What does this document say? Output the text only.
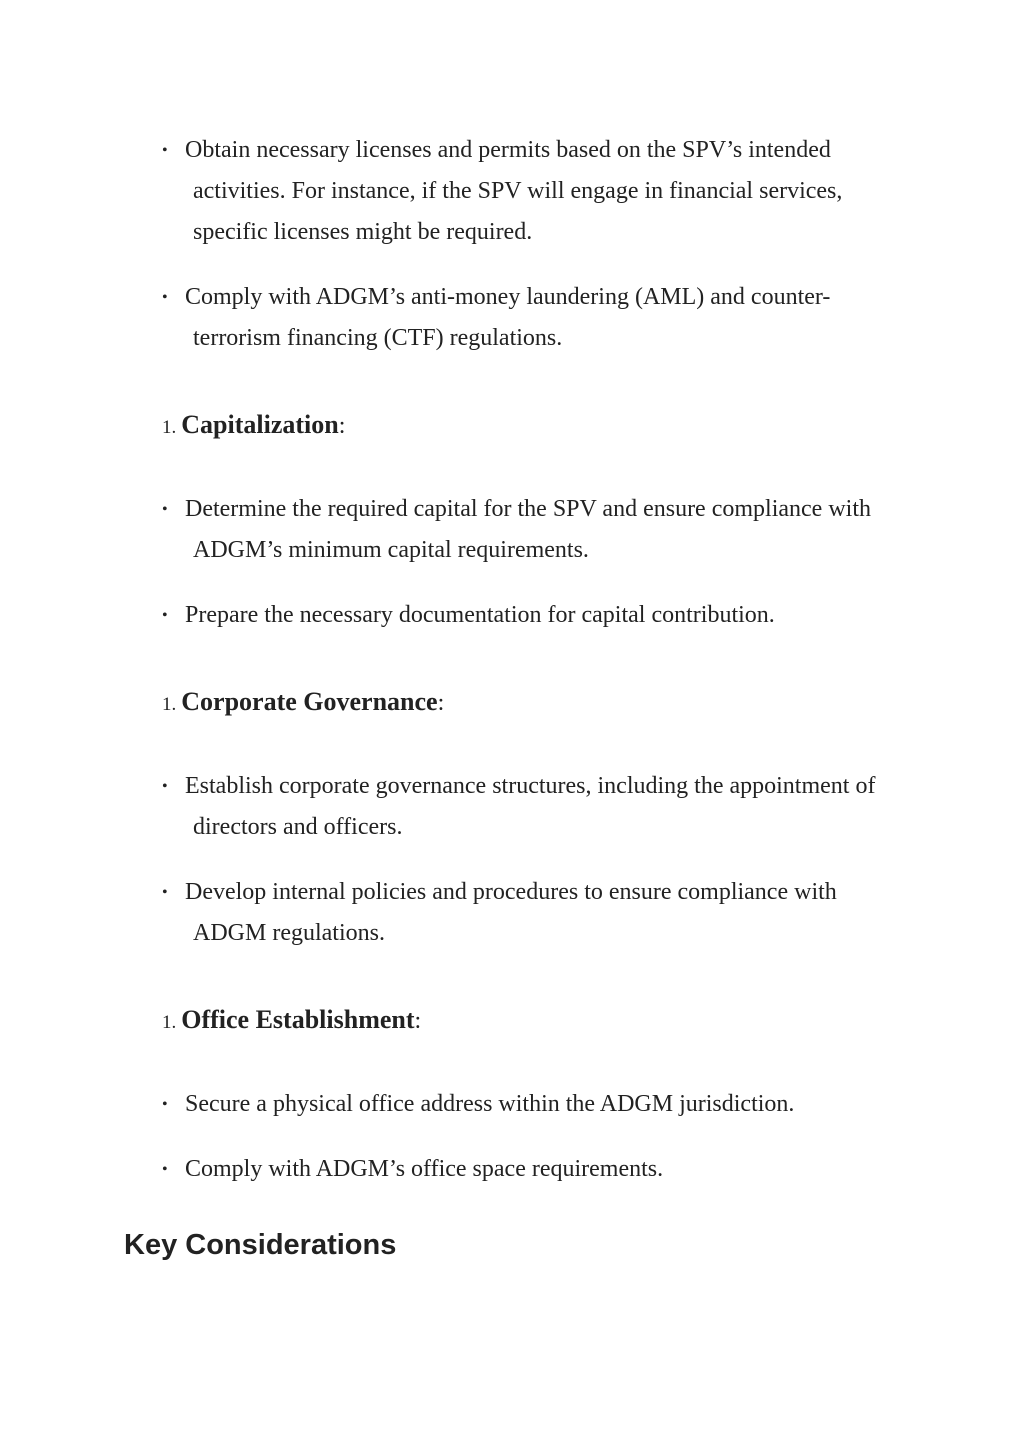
• Obtain necessary licenses and permits based on the SPV’s intended activities. For instance, if the SPV will engage in financial services, specific licenses might be required.
• Comply with ADGM’s anti-money laundering (AML) and counter-terrorism financing (CTF) regulations.
1. Capitalization:
• Determine the required capital for the SPV and ensure compliance with ADGM’s minimum capital requirements.
• Prepare the necessary documentation for capital contribution.
1. Corporate Governance:
• Establish corporate governance structures, including the appointment of directors and officers.
• Develop internal policies and procedures to ensure compliance with ADGM regulations.
1. Office Establishment:
• Secure a physical office address within the ADGM jurisdiction.
• Comply with ADGM’s office space requirements.
Key Considerations
